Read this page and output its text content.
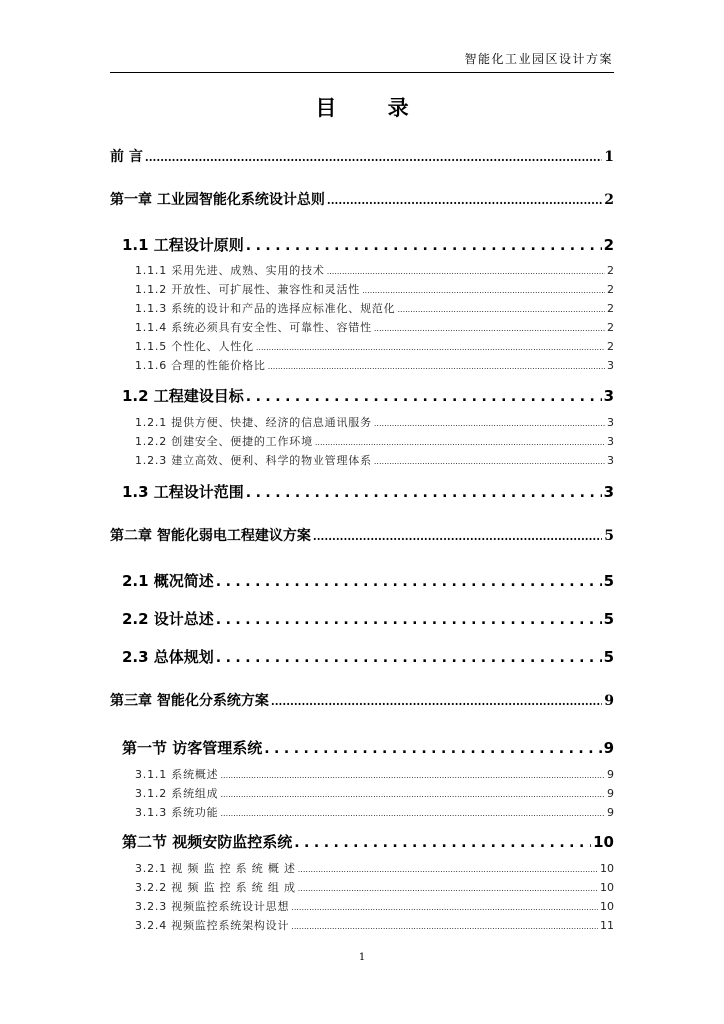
智能化工业园区设计方案
目 录
前 言 .....	1
第一章 工业园智能化系统设计总则 .....	2
1.1 工程设计原则 .....	2
1.1.1 采用先进、成熟、实用的技术 .....	2
1.1.2 开放性、可扩展性、兼容性和灵活性 .....	2
1.1.3 系统的设计和产品的选择应标准化、规范化 .....	2
1.1.4 系统必须具有安全性、可靠性、容错性 .....	2
1.1.5 个性化、人性化 .....	2
1.1.6 合理的性能价格比 .....	3
1.2 工程建设目标 .....	3
1.2.1 提供方便、快捷、经济的信息通讯服务 .....	3
1.2.2 创建安全、便捷的工作环境 .....	3
1.2.3 建立高效、便利、科学的物业管理体系 .....	3
1.3 工程设计范围 .....	3
第二章 智能化弱电工程建议方案 .....	5
2.1 概况简述 .....	5
2.2 设计总述 .....	5
2.3 总体规划 .....	5
第三章 智能化分系统方案 .....	9
第一节 访客管理系统 .....	9
3.1.1 系统概述 .....	9
3.1.2 系统组成 .....	9
3.1.3 系统功能 .....	9
第二节 视频安防监控系统 .....	10
3.2.1 视 频 监 控 系 统 概 述 .....	10
3.2.2 视 频 监 控 系 统 组 成 .....	10
3.2.3 视频监控系统设计思想 .....	10
3.2.4 视频监控系统架构设计 .....	11
1
